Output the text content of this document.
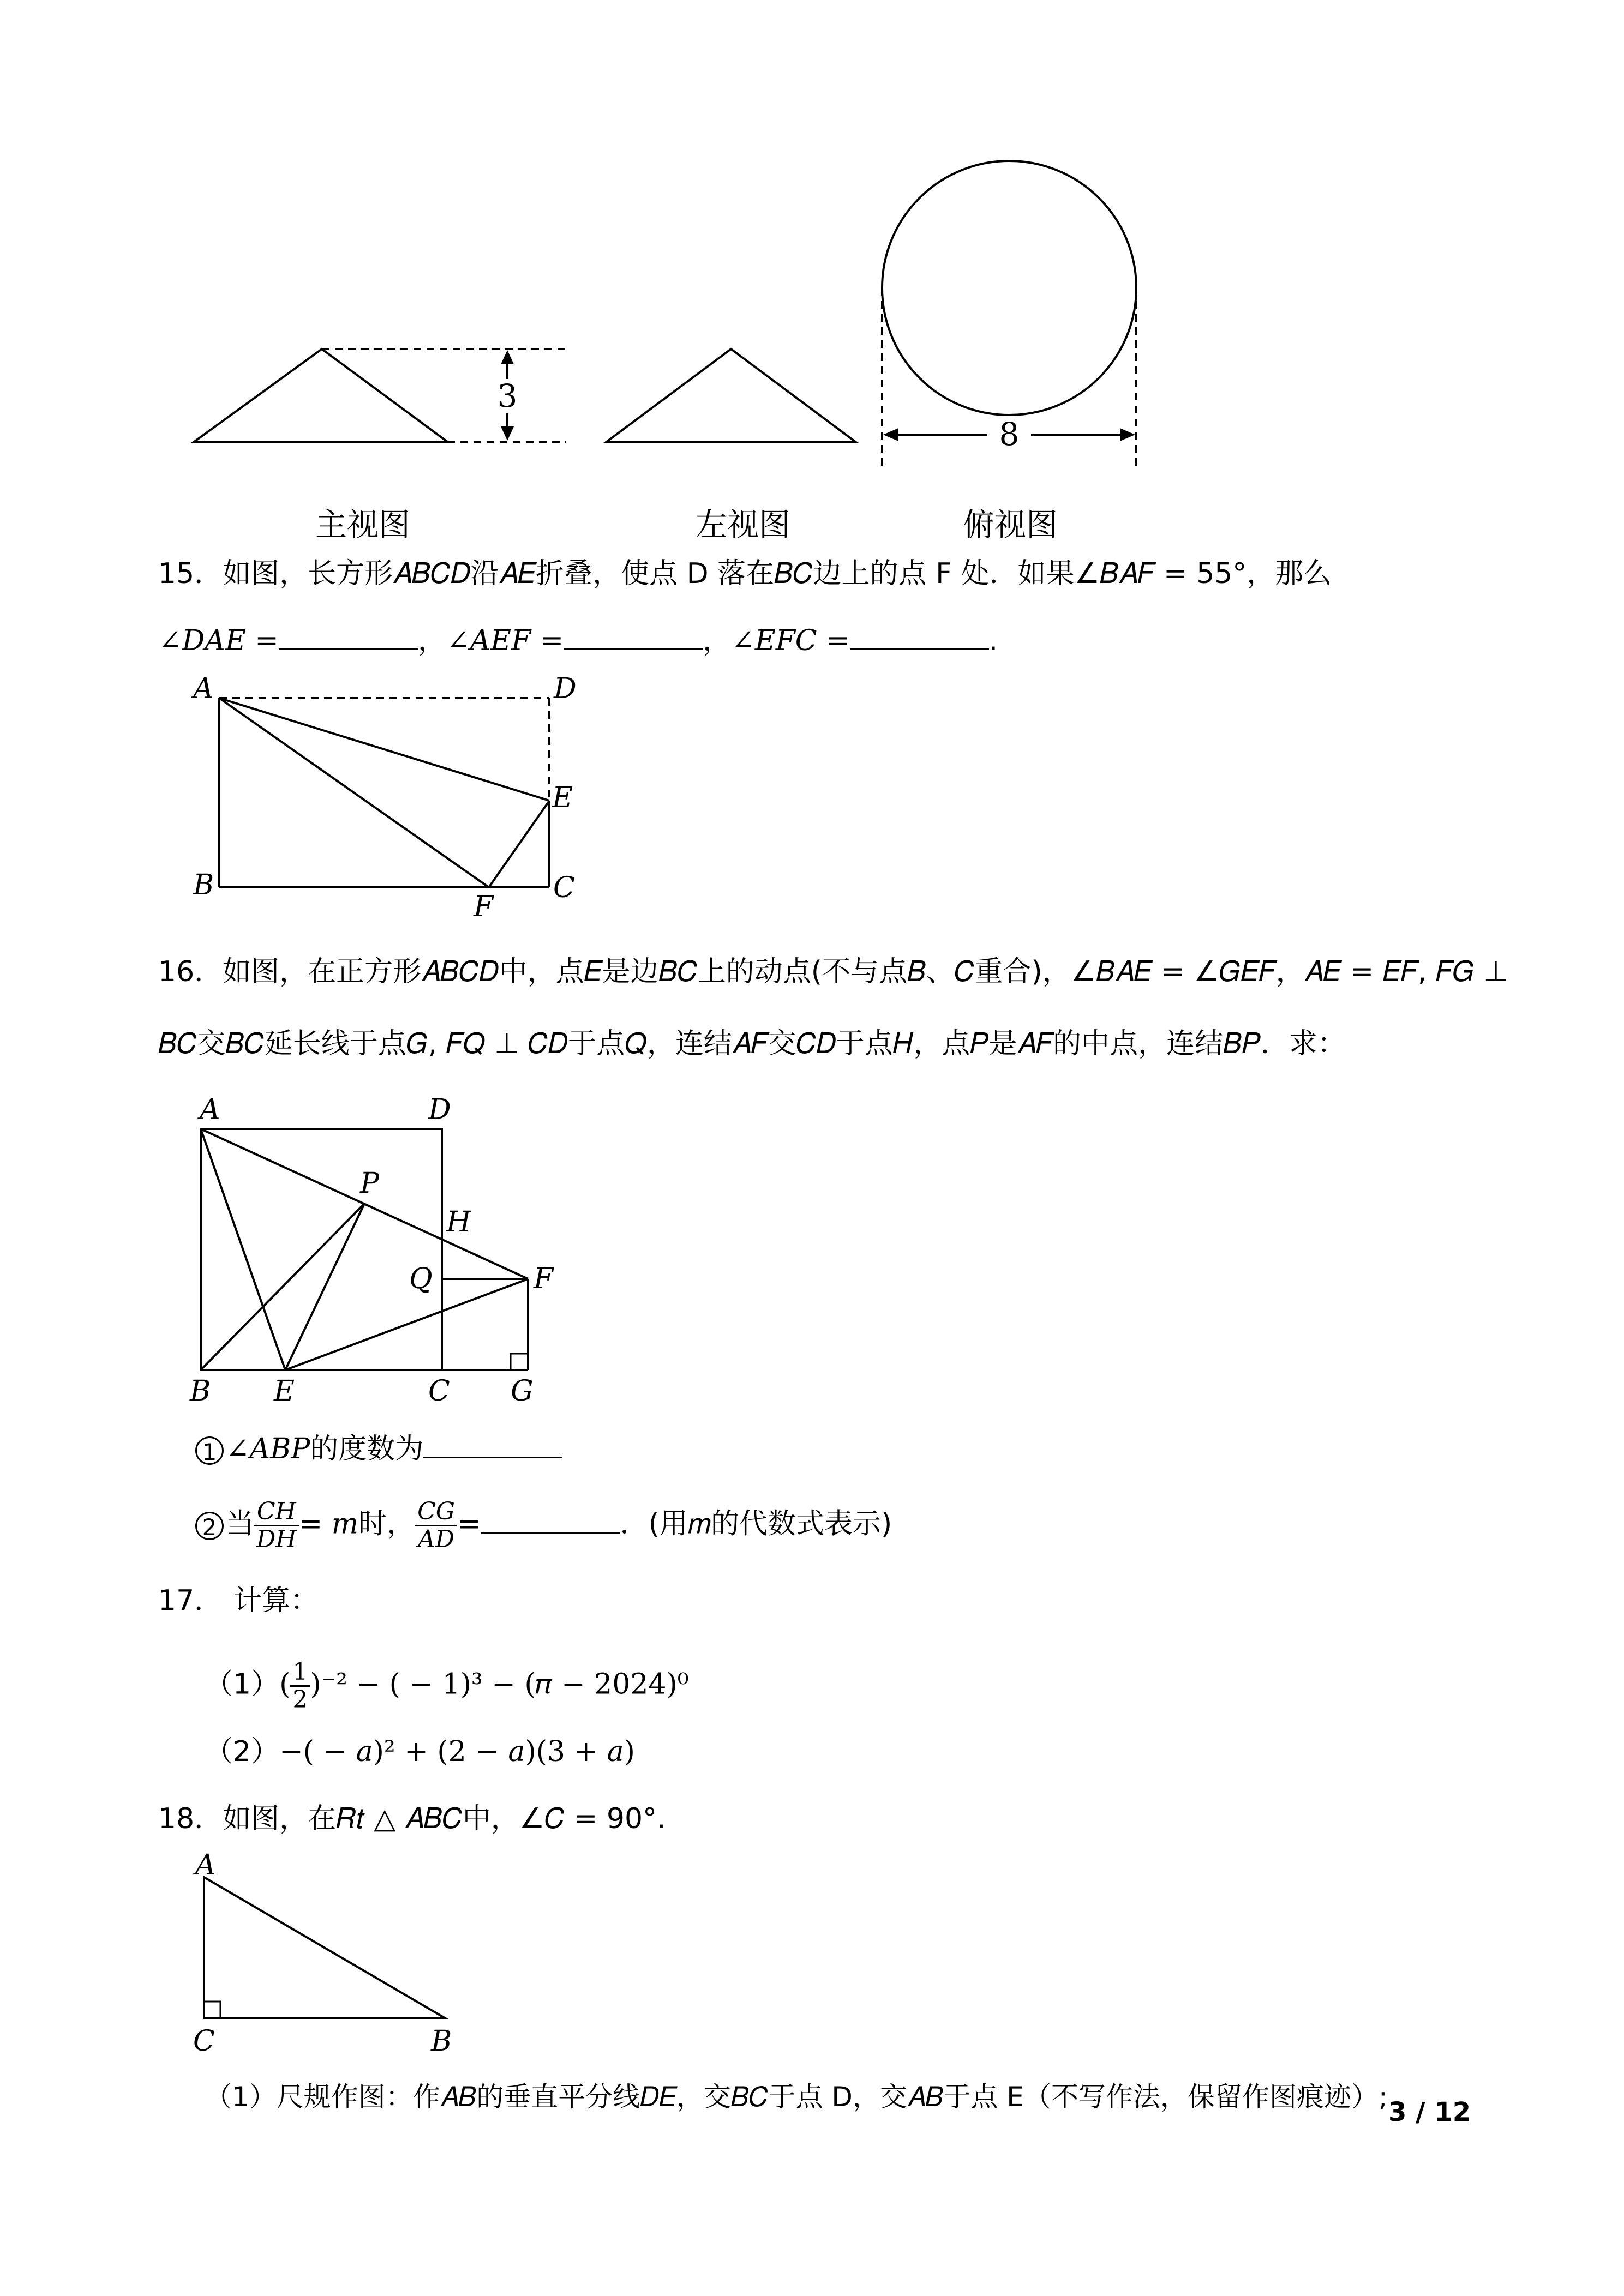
3
8
主视图	左视图	俯视图
15．如图，长方形𝐴𝐵𝐶𝐷沿𝐴𝐸折叠，使点 D 落在𝐵𝐶边上的点 F 处．如果∠𝐵𝐴𝐹 = 55°，那么
∠𝐷𝐴𝐸 =	，∠𝐴𝐸𝐹 =	，∠𝐸𝐹𝐶 =	.
A	D
E
B
F
C
16．如图，在正方形𝐴𝐵𝐶𝐷中，点𝐸是边𝐵𝐶上的动点(不与点𝐵、𝐶重合)，∠𝐵𝐴𝐸 = ∠𝐺𝐸𝐹，𝐴𝐸 = 𝐸𝐹, 𝐹𝐺 ⊥
𝐵𝐶交𝐵𝐶延长线于点𝐺, 𝐹𝑄 ⊥ 𝐶𝐷于点𝑄，连结𝐴𝐹交𝐶𝐷于点𝐻，点𝑃是𝐴𝐹的中点，连结𝐵𝑃．求：
A	D
P
H
Q	F
B E	C G
1 ∠𝐴𝐵𝑃的度数为
2 当 $\frac{CH}{DH}$ = 𝑚时， $\frac{CG}{AD}$ =	．(用𝑚的代数式表示)
17． 计算：
$(1)( \frac{1}{2} )^{-2}$ − ( − 1)³ − (𝜋 − 2024)⁰
（2）−( − 𝑎)² + (2 − 𝑎)(3 + 𝑎)
18．如图，在𝑅𝑡 △ 𝐴𝐵𝐶中，∠𝐶 = 90°.
A
C	B
（1）尺规作图：作𝐴𝐵的垂直平分线𝐷𝐸，交𝐵𝐶于点 D，交𝐴𝐵于点 E（不写作法，保留作图痕迹）; 3 / 12
